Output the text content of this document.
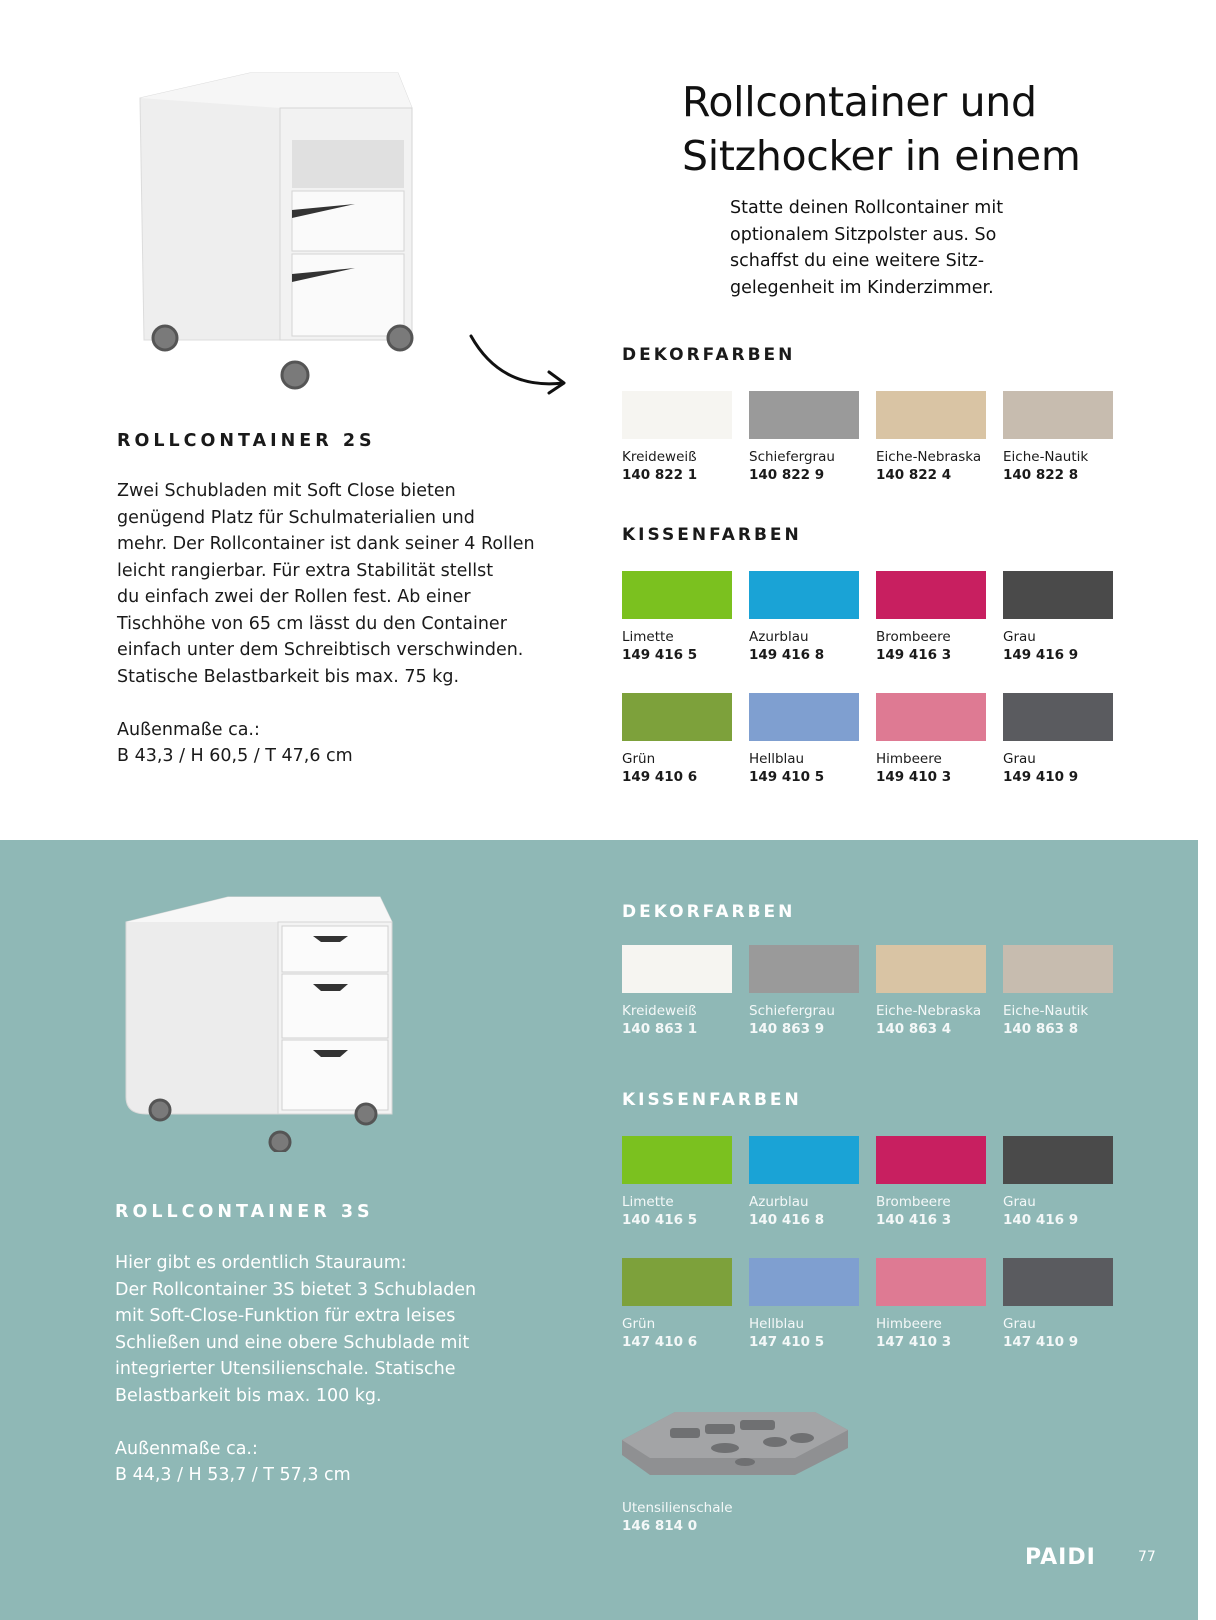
Rollcontainer und
Sitzhocker in einem
Statte deinen Rollcontainer mit
optionalem Sitzpolster aus. So
schaffst du eine weitere Sitz-
gelegenheit im Kinderzimmer.
ROLLCONTAINER 2S

Zwei Schubladen mit Soft Close bieten
genügend Platz für Schulmaterialien und
mehr. Der Rollcontainer ist dank seiner 4 Rollen
leicht rangierbar. Für extra Stabilität stellst
du einfach zwei der Rollen fest. Ab einer
Tischhöhe von 65 cm lässt du den Container
einfach unter dem Schreibtisch verschwinden.
Statische Belastbarkeit bis max. 75 kg.

Außenmaße ca.:
B 43,3 / H 60,5 / T 47,6 cm

DEKORFARBEN
Kreideweiß
140 822 1
Schiefergrau
140 822 9
Eiche-Nebraska
140 822 4
Eiche-Nautik
140 822 8
KISSENFARBEN
Limette
149 416 5
Azurblau
149 416 8
Brombeere
149 416 3
Grau
149 416 9
Grün
149 410 6
Hellblau
149 410 5
Himbeere
149 410 3
Grau
149 410 9
ROLLCONTAINER 3S

Hier gibt es ordentlich Stauraum:
Der Rollcontainer 3S bietet 3 Schubladen
mit Soft-Close-Funktion für extra leises
Schließen und eine obere Schublade mit
integrierter Utensilienschale. Statische
Belastbarkeit bis max. 100 kg.

Außenmaße ca.:
B 44,3 / H 53,7 / T 57,3 cm

DEKORFARBEN
Kreideweiß
140 863 1
Schiefergrau
140 863 9
Eiche-Nebraska
140 863 4
Eiche-Nautik
140 863 8
KISSENFARBEN
Limette
140 416 5
Azurblau
140 416 8
Brombeere
140 416 3
Grau
140 416 9
Grün
147 410 6
Hellblau
147 410 5
Himbeere
147 410 3
Grau
147 410 9
Utensilienschale
146 814 0
PAIDI	77
